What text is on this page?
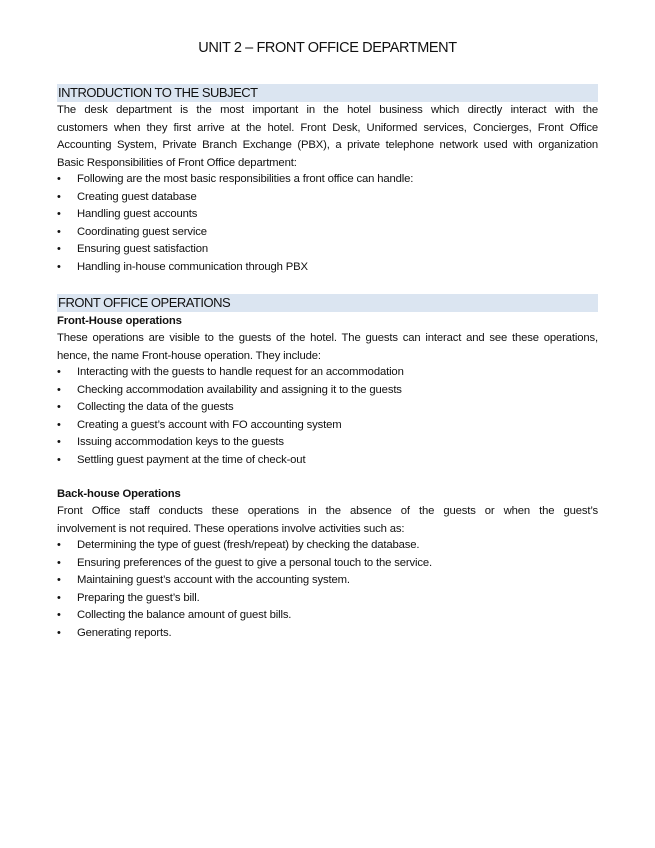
UNIT 2 – FRONT OFFICE DEPARTMENT
INTRODUCTION TO THE SUBJECT
The desk department is the most important in the hotel business which directly interact with the
customers when they first arrive at the hotel. Front Desk, Uniformed services, Concierges, Front Office
Accounting System, Private Branch Exchange (PBX), a private telephone network used with organization
Basic Responsibilities of Front Office department:
• Following are the most basic responsibilities a front office can handle:
• Creating guest database
• Handling guest accounts
• Coordinating guest service
• Ensuring guest satisfaction
• Handling in-house communication through PBX
FRONT OFFICE OPERATIONS
Front-House operations
These operations are visible to the guests of the hotel. The guests can interact and see these operations,
hence, the name Front-house operation. They include:
• Interacting with the guests to handle request for an accommodation
• Checking accommodation availability and assigning it to the guests
• Collecting the data of the guests
• Creating a guest’s account with FO accounting system
• Issuing accommodation keys to the guests
• Settling guest payment at the time of check-out
Back-house Operations
Front Office staff conducts these operations in the absence of the guests or when the guest’s
involvement is not required. These operations involve activities such as:
• Determining the type of guest (fresh/repeat) by checking the database.
• Ensuring preferences of the guest to give a personal touch to the service.
• Maintaining guest’s account with the accounting system.
• Preparing the guest’s bill.
• Collecting the balance amount of guest bills.
• Generating reports.
